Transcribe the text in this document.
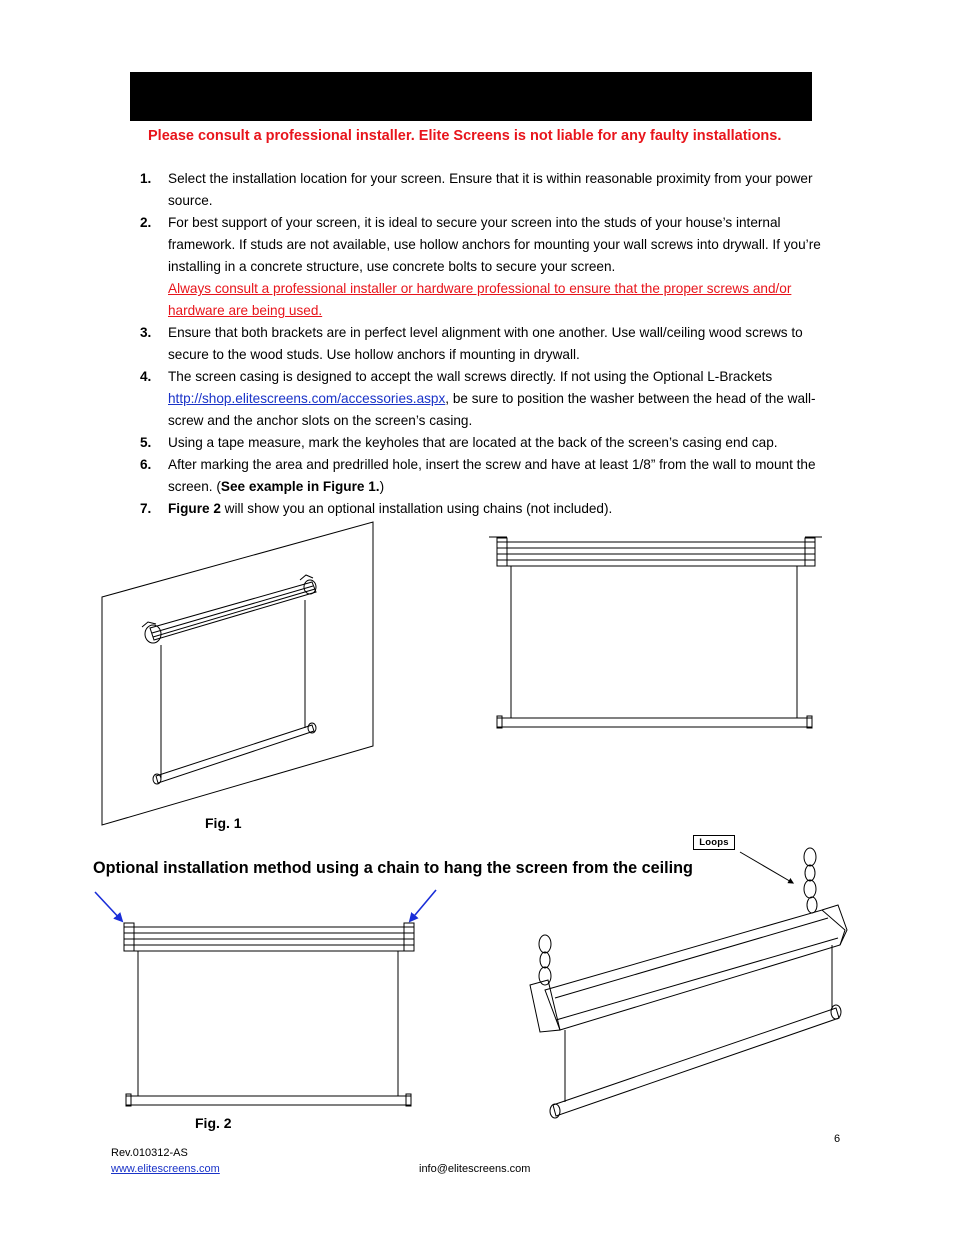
Please consult a professional installer. Elite Screens is not liable for any faulty installations.
1. Select the installation location for your screen. Ensure that it is within reasonable proximity from your power source.
2. For best support of your screen, it is ideal to secure your screen into the studs of your house’s internal framework. If studs are not available, use hollow anchors for mounting your wall screws into drywall. If you’re installing in a concrete structure, use concrete bolts to secure your screen.
Always consult a professional installer or hardware professional to ensure that the proper screws and/or hardware are being used.
3. Ensure that both brackets are in perfect level alignment with one another. Use wall/ceiling wood screws to secure to the wood studs. Use hollow anchors if mounting in drywall.
4. The screen casing is designed to accept the wall screws directly. If not using the Optional L-Brackets http://shop.elitescreens.com/accessories.aspx, be sure to position the washer between the head of the wall-screw and the anchor slots on the screen’s casing.
5. Using a tape measure, mark the keyholes that are located at the back of the screen’s casing end cap.
6. After marking the area and predrilled hole, insert the screw and have at least 1/8” from the wall to mount the screen. (See example in Figure 1.)
7. Figure 2 will show you an optional installation using chains (not included).
Fig. 1
Optional installation method using a chain to hang the screen from the ceiling
Loops
Fig. 2
6
Rev.010312-AS
www.elitescreens.com	info@elitescreens.com
